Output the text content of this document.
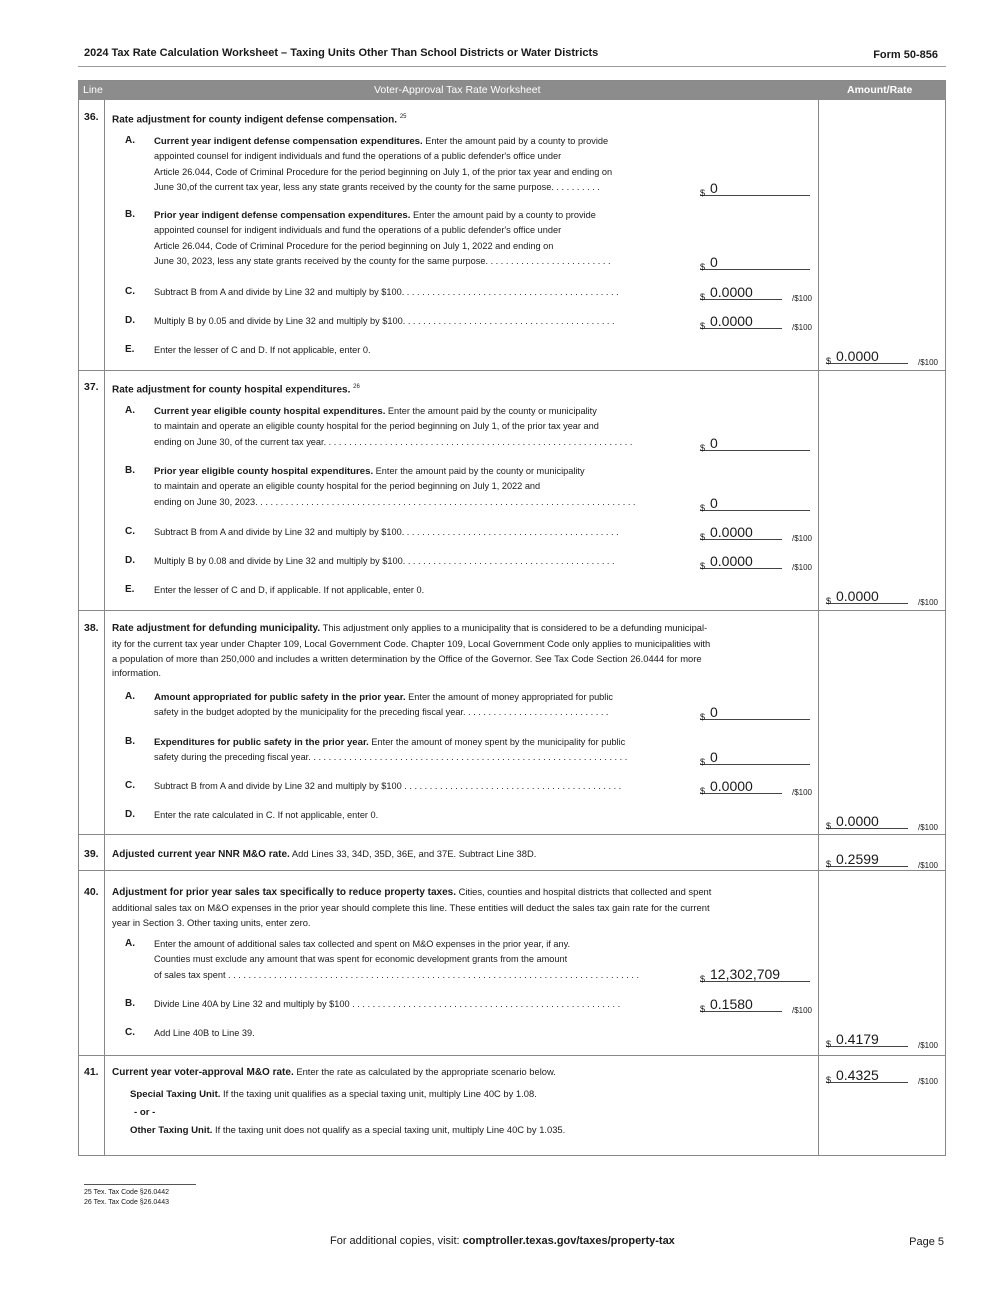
2024 Tax Rate Calculation Worksheet – Taxing Units Other Than School Districts or Water Districts	Form 50-856
Line	Voter-Approval Tax Rate Worksheet	Amount/Rate
36. Rate adjustment for county indigent defense compensation. $^{25}$
A. Current year indigent defense compensation expenditures. Enter the amount paid by a county to provide
appointed counsel for indigent individuals and fund the operations of a public defender's office under
Article 26.044, Code of Criminal Procedure for the period beginning on July 1, of the prior tax year and ending on
June 30,of the current tax year, less any state grants received by the county for the same purpose. . . . . . . . . .
$ 0
B. Prior year indigent defense compensation expenditures. Enter the amount paid by a county to provide
appointed counsel for indigent individuals and fund the operations of a public defender's office under
Article 26.044, Code of Criminal Procedure for the period beginning on July 1, 2022 and ending on
June 30, 2023, less any state grants received by the county for the same purpose. . . . . . . . . . . . . . . . . . . . . . . . .
$ 0
C. Subtract B from A and divide by Line 32 and multiply by $100. . . . . . . . . . . . . . . . . . . . . . . . . . . . . . . . . . . . . . . . . . .	$ 0.0000	/$100
D. Multiply B by 0.05 and divide by Line 32 and multiply by $100. . . . . . . . . . . . . . . . . . . . . . . . . . . . . . . . . . . . . . . . . .	$ 0.0000	/$100
E. Enter the lesser of C and D. If not applicable, enter 0.
$ 0.0000	/$100
37. Rate adjustment for county hospital expenditures. $^{26}$
A. Current year eligible county hospital expenditures. Enter the amount paid by the county or municipality
to maintain and operate an eligible county hospital for the period beginning on July 1, of the prior tax year and
ending on June 30, of the current tax year. . . . . . . . . . . . . . . . . . . . . . . . . . . . . . . . . . . . . . . . . . . . . . . . . . . . . . . . . . . . .
$ 0
B. Prior year eligible county hospital expenditures. Enter the amount paid by the county or municipality
to maintain and operate an eligible county hospital for the period beginning on July 1, 2022 and
ending on June 30, 2023. . . . . . . . . . . . . . . . . . . . . . . . . . . . . . . . . . . . . . . . . . . . . . . . . . . . . . . . . . . . . . . . . . . . . . . . . . .
$ 0
C. Subtract B from A and divide by Line 32 and multiply by $100. . . . . . . . . . . . . . . . . . . . . . . . . . . . . . . . . . . . . . . . . . .	$ 0.0000	/$100
D. Multiply B by 0.08 and divide by Line 32 and multiply by $100. . . . . . . . . . . . . . . . . . . . . . . . . . . . . . . . . . . . . . . . . .	$ 0.0000	/$100
E. Enter the lesser of C and D, if applicable. If not applicable, enter 0.
$ 0.0000	/$100
38. Rate adjustment for defunding municipality. This adjustment only applies to a municipality that is considered to be a defunding municipal-
ity for the current tax year under Chapter 109, Local Government Code. Chapter 109, Local Government Code only applies to municipalities with
a population of more than 250,000 and includes a written determination by the Office of the Governor. See Tax Code Section 26.0444 for more
information.
A. Amount appropriated for public safety in the prior year. Enter the amount of money appropriated for public
safety in the budget adopted by the municipality for the preceding fiscal year. . . . . . . . . . . . . . . . . . . . . . . . . . . . .	$ 0
B. Expenditures for public safety in the prior year. Enter the amount of money spent by the municipality for public
safety during the preceding fiscal year. . . . . . . . . . . . . . . . . . . . . . . . . . . . . . . . . . . . . . . . . . . . . . . . . . . . . . . . . . . . . . .	$ 0
C. Subtract B from A and divide by Line 32 and multiply by $100 . . . . . . . . . . . . . . . . . . . . . . . . . . . . . . . . . . . . . . . . . . .	$ 0.0000	/$100
D. Enter the rate calculated in C. If not applicable, enter 0.
$ 0.0000	/$100
39. Adjusted current year NNR M&O rate. Add Lines 33, 34D, 35D, 36E, and 37E. Subtract Line 38D.
$ 0.2599	/$100
40. Adjustment for prior year sales tax specifically to reduce property taxes. Cities, counties and hospital districts that collected and spent
additional sales tax on M&O expenses in the prior year should complete this line. These entities will deduct the sales tax gain rate for the current
year in Section 3. Other taxing units, enter zero.
A. Enter the amount of additional sales tax collected and spent on M&O expenses in the prior year, if any.
Counties must exclude any amount that was spent for economic development grants from the amount
of sales tax spent . . . . . . . . . . . . . . . . . . . . . . . . . . . . . . . . . . . . . . . . . . . . . . . . . . . . . . . . . . . . . . . . . . . . . . . . . . . . . . . . .	$ 12,302,709
B. Divide Line 40A by Line 32 and multiply by $100 . . . . . . . . . . . . . . . . . . . . . . . . . . . . . . . . . . . . . . . . . . . . . . . . . . . . .	$ 0.1580	/$100
C. Add Line 40B to Line 39.
$ 0.4179	/$100
41. Current year voter-approval M&O rate. Enter the rate as calculated by the appropriate scenario below.
Special Taxing Unit. If the taxing unit qualifies as a special taxing unit, multiply Line 40C by 1.08.
- or -
Other Taxing Unit. If the taxing unit does not qualify as a special taxing unit, multiply Line 40C by 1.035.
$ 0.4325	/$100
25 Tex. Tax Code §26.0442
26 Tex. Tax Code §26.0443
For additional copies, visit: comptroller.texas.gov/taxes/property-tax	Page 5
